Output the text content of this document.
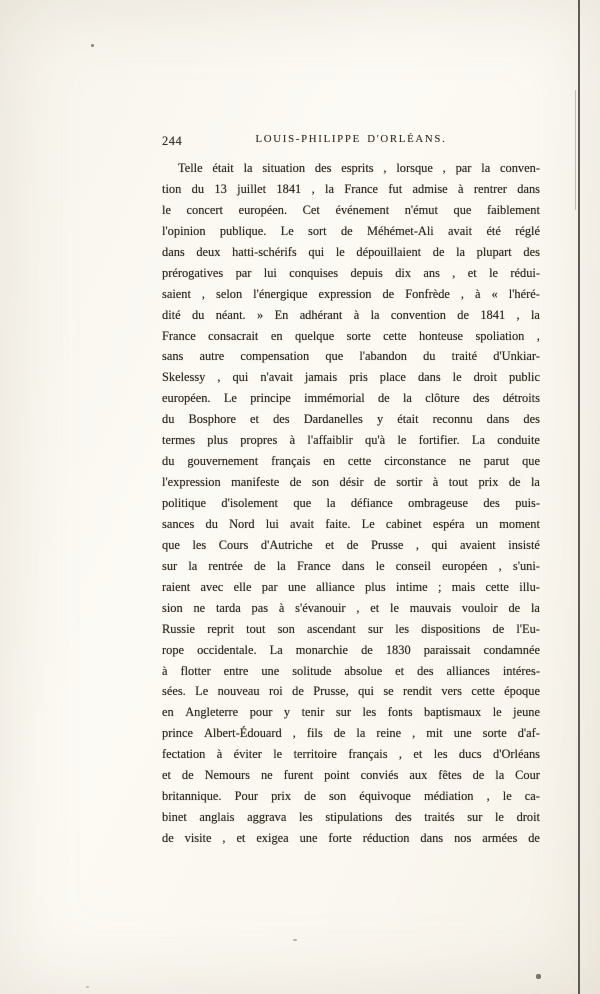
244	LOUIS-PHILIPPE D'ORLÉANS.
Telle était la situation des esprits , lorsque , par la conven-
tion du 13 juillet 1841 , la France fut admise à rentrer dans
le concert européen. Cet événement n'émut que faiblement
l'opinion publique. Le sort de Méhémet-Ali avait été réglé
dans deux hatti-schérifs qui le dépouillaient de la plupart des
prérogatives par lui conquises depuis dix ans , et le rédui-
saient , selon l'énergique expression de Fonfrède , à « l'héré-
dité du néant. » En adhérant à la convention de 1841 , la
France consacrait en quelque sorte cette honteuse spoliation ,
sans autre compensation que l'abandon du traité d'Unkiar-
Skelessy , qui n'avait jamais pris place dans le droit public
européen. Le principe immémorial de la clôture des détroits
du Bosphore et des Dardanelles y était reconnu dans des
termes plus propres à l'affaiblir qu'à le fortifier. La conduite
du gouvernement français en cette circonstance ne parut que
l'expression manifeste de son désir de sortir à tout prix de la
politique d'isolement que la défiance ombrageuse des puis-
sances du Nord lui avait faite. Le cabinet espéra un moment
que les Cours d'Autriche et de Prusse , qui avaient insisté
sur la rentrée de la France dans le conseil européen , s'uni-
raient avec elle par une alliance plus intime ; mais cette illu-
sion ne tarda pas à s'évanouir , et le mauvais vouloir de la
Russie reprit tout son ascendant sur les dispositions de l'Eu-
rope occidentale. La monarchie de 1830 paraissait condamnée
à flotter entre une solitude absolue et des alliances intéres-
sées. Le nouveau roi de Prusse, qui se rendit vers cette époque
en Angleterre pour y tenir sur les fonts baptismaux le jeune
prince Albert-Édouard , fils de la reine , mit une sorte d'af-
fectation à éviter le territoire français , et les ducs d'Orléans
et de Nemours ne furent point conviés aux fêtes de la Cour
britannique. Pour prix de son équivoque médiation , le ca-
binet anglais aggrava les stipulations des traités sur le droit
de visite , et exigea une forte réduction dans nos armées de
